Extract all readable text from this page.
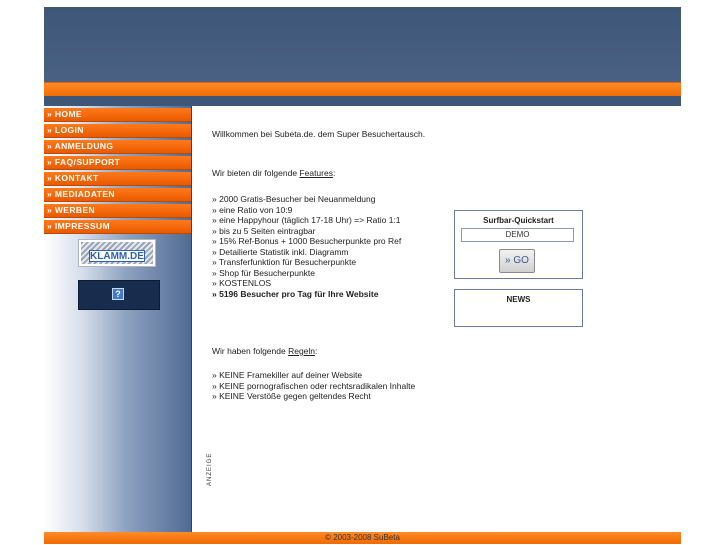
» HOME
» LOGIN
» ANMELDUNG
» FAQ/SUPPORT
» KONTAKT
» MEDIADATEN
» WERBEN
» IMPRESSUM
KLAMM.DE
?
Willkommen bei Subeta.de. dem Super Besuchertausch.
Wir bieten dir folgende Features:
» 2000 Gratis-Besucher bei Neuanmeldung
» eine Ratio von 10:9
» eine Happyhour (täglich 17-18 Uhr) => Ratio 1:1
» bis zu 5 Seiten eintragbar
» 15% Ref-Bonus + 1000 Besucherpunkte pro Ref
» Detailierte Statistik inkl. Diagramm
» Transferfunktion für Besucherpunkte
» Shop für Besucherpunkte
» KOSTENLOS
» 5196 Besucher pro Tag für Ihre Website
Wir haben folgende Regeln:
» KEINE Framekiller auf deiner Website
» KEINE pornografischen oder rechtsradikalen Inhalte
» KEINE Verstöße gegen geltendes Recht
ANZEIGE
Surfbar-Quickstart
DEMO
» GO
NEWS
© 2003-2008 SuBeta
